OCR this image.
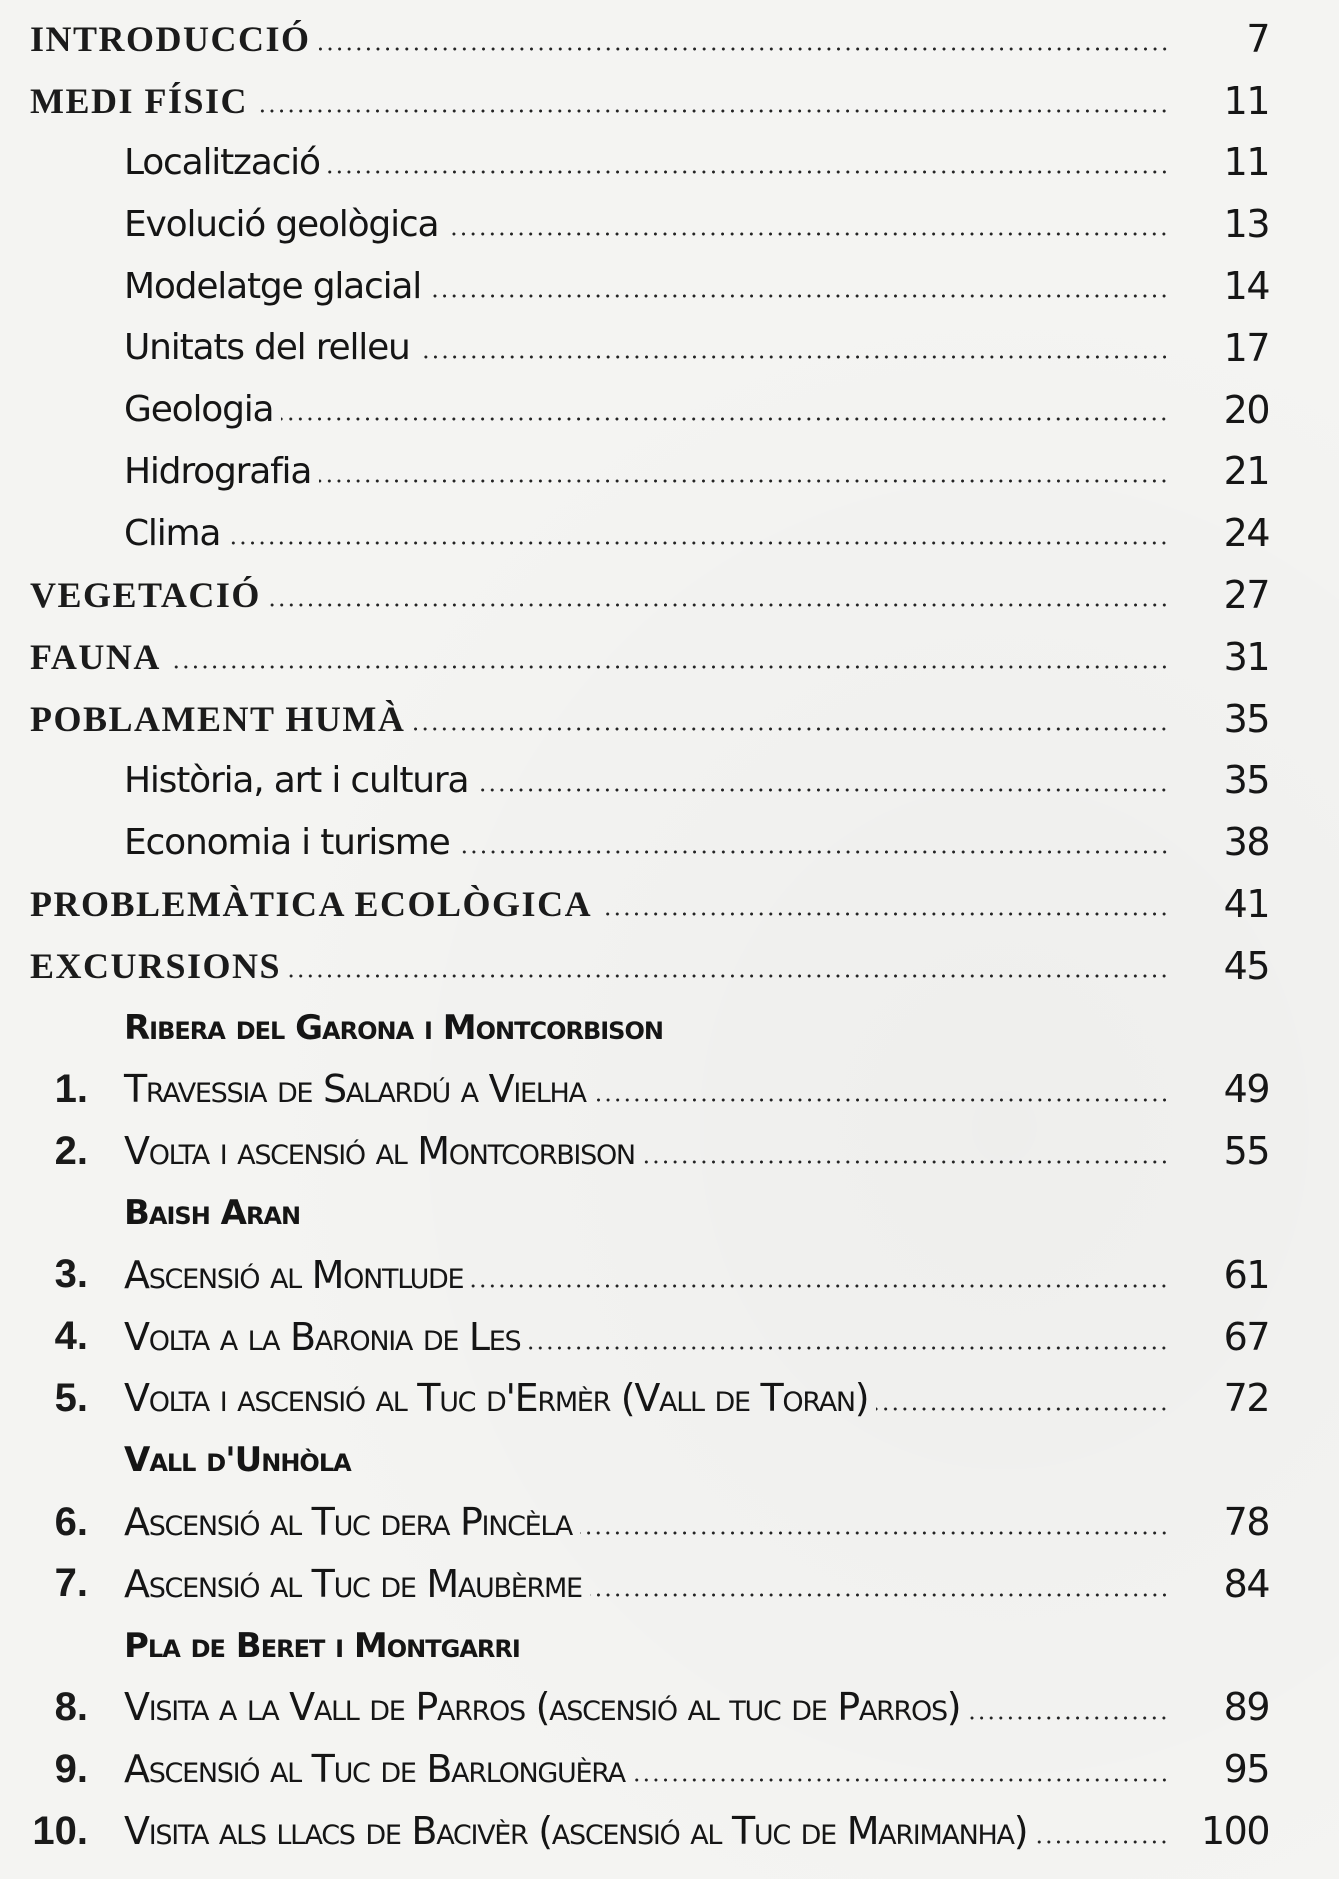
INTRODUCCIÓ	7
MEDI FÍSIC	11
Localització	11
Evolució geològica	13
Modelatge glacial	14
Unitats del relleu	17
Geologia	20
Hidrografia	21
Clima	24
VEGETACIÓ	27
FAUNA	31
POBLAMENT HUMÀ	35
Història, art i cultura	35
Economia i turisme	38
PROBLEMÀTICA ECOLÒGICA	41
EXCURSIONS	45
Ribera del Garona i Montcorbison
1. Travessia de Salardú a Vielha	49
2. Volta i ascensió al Montcorbison	55
Baish Aran
3. Ascensió al Montlude	61
4. Volta a la Baronia de Les	67
5. Volta i ascensió al Tuc d'Ermèr (Vall de Toran)	72
Vall d'Unhòla
6. Ascensió al Tuc dera Pincèla	78
7. Ascensió al Tuc de Maubèrme	84
Pla de Beret i Montgarri
8. Visita a la Vall de Parros (ascensió al tuc de Parros)	89
9. Ascensió al Tuc de Barlonguèra	95
10. Visita als llacs de Bacivèr (ascensió al Tuc de Marimanha)	100
